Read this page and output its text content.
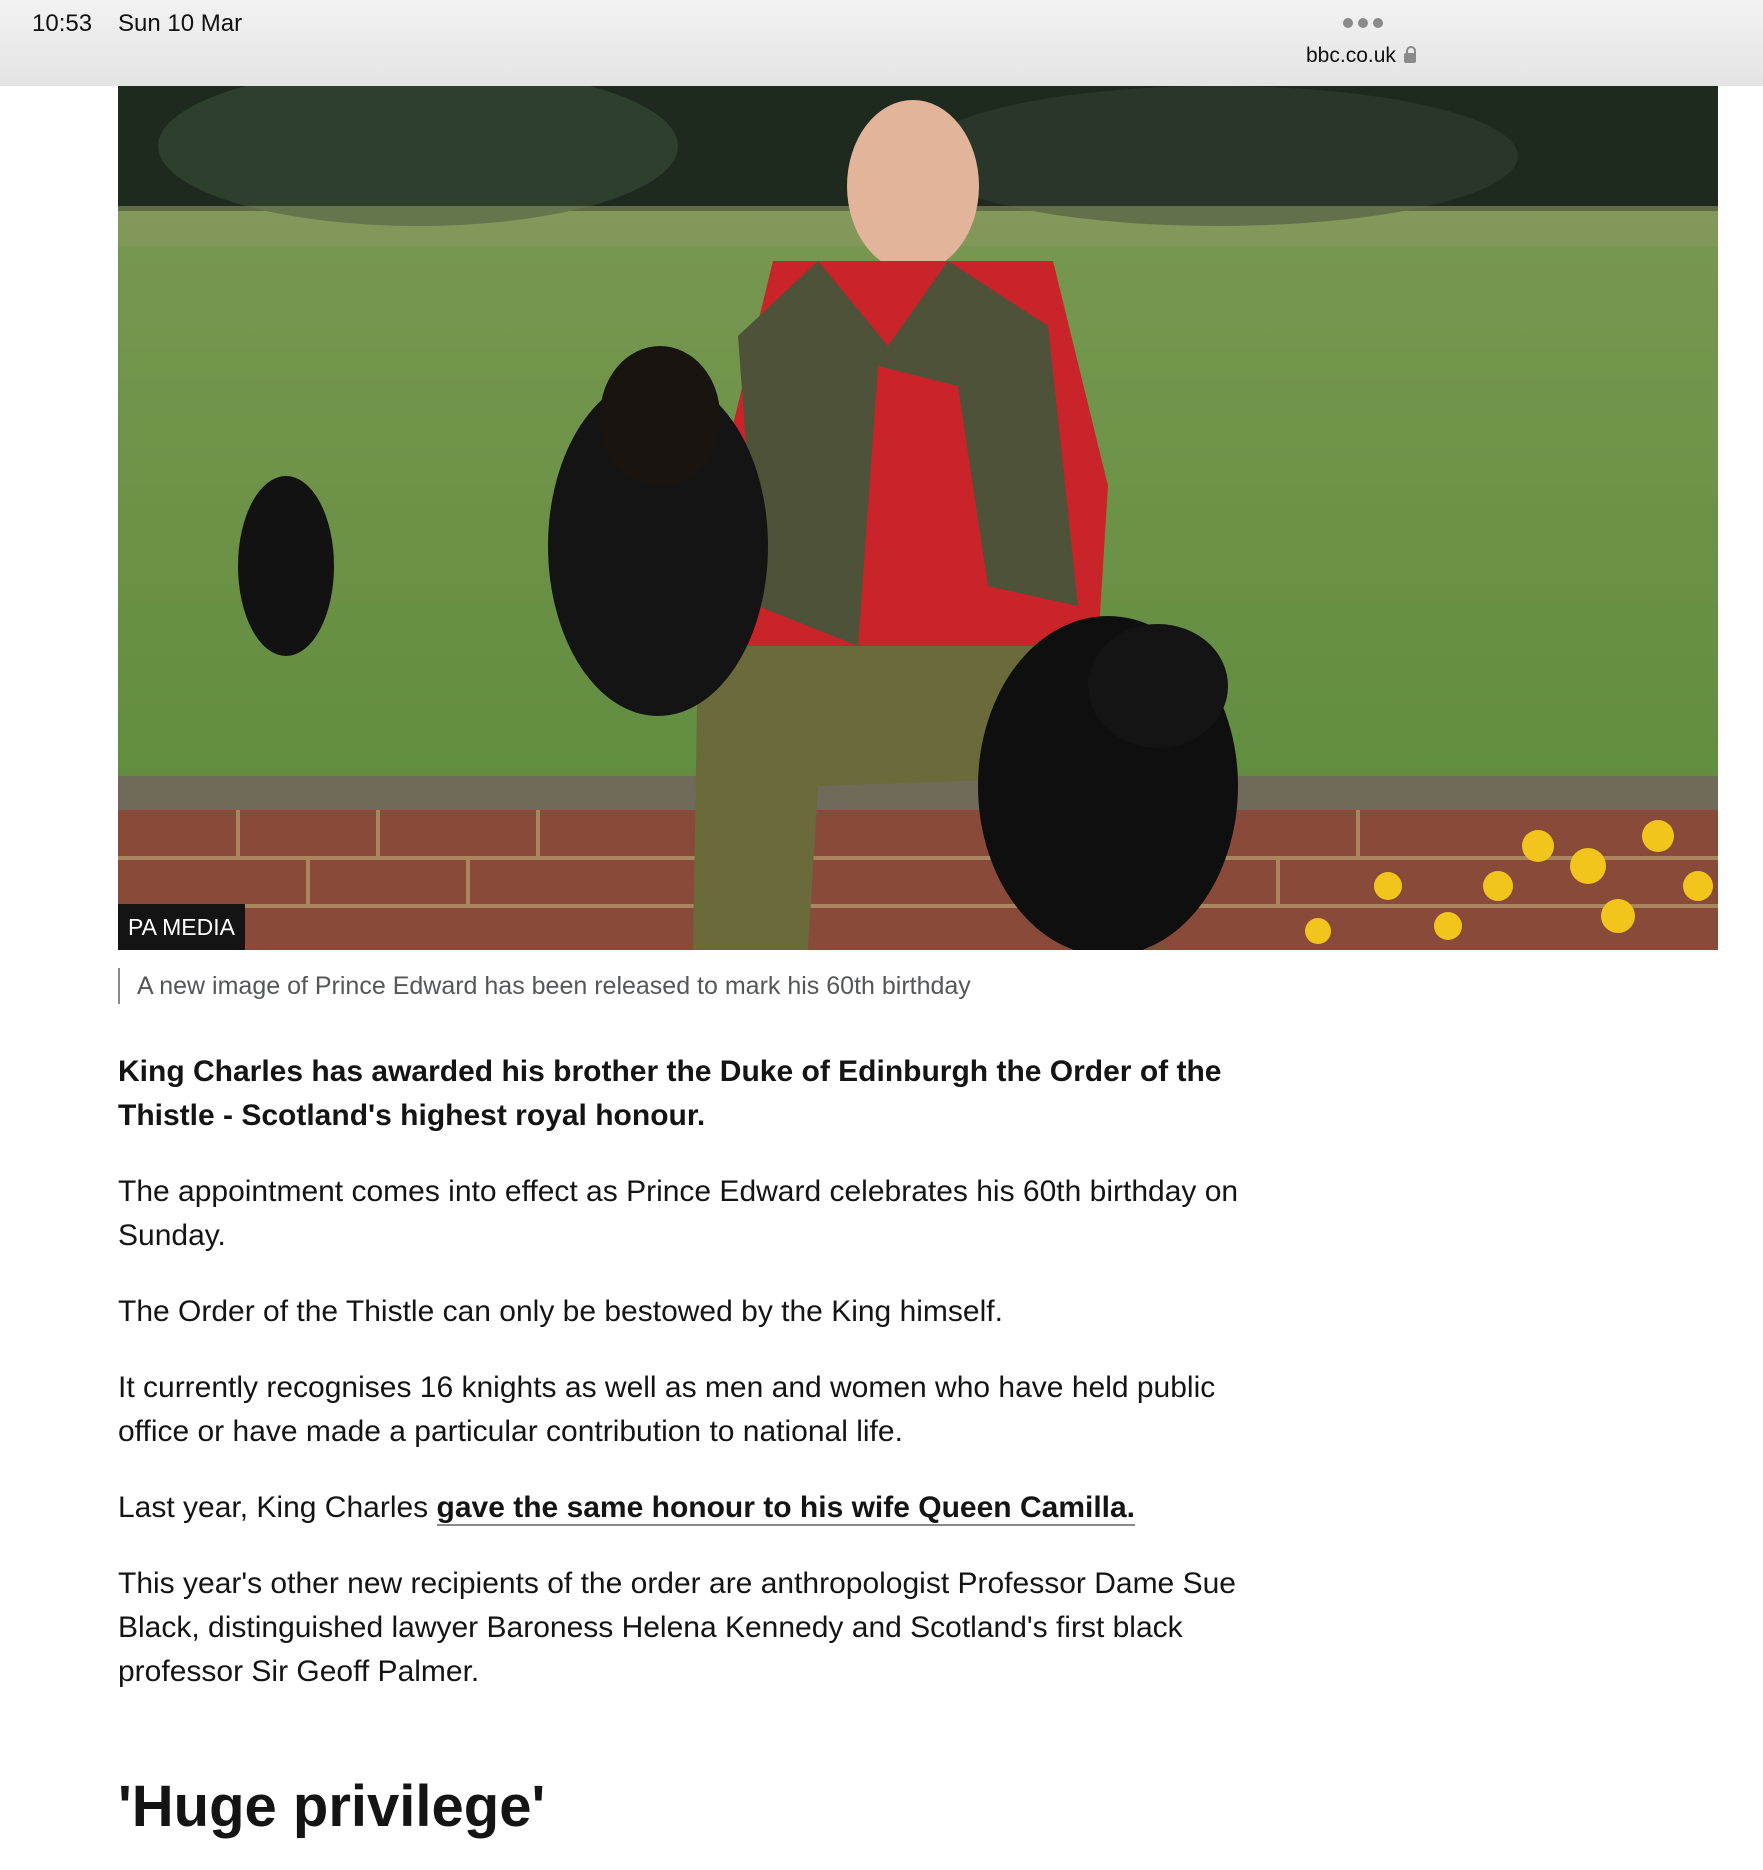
10:53 Sun 10 Mar
bbc.co.uk
PA MEDIA
A new image of Prince Edward has been released to mark his 60th birthday

King Charles has awarded his brother the Duke of Edinburgh the Order of the Thistle - Scotland's highest royal honour.

The appointment comes into effect as Prince Edward celebrates his 60th birthday on Sunday.

The Order of the Thistle can only be bestowed by the King himself.

It currently recognises 16 knights as well as men and women who have held public office or have made a particular contribution to national life.

Last year, King Charles gave the same honour to his wife Queen Camilla.

This year's other new recipients of the order are anthropologist Professor Dame Sue Black, distinguished lawyer Baroness Helena Kennedy and Scotland's first black professor Sir Geoff Palmer.

'Huge privilege'
